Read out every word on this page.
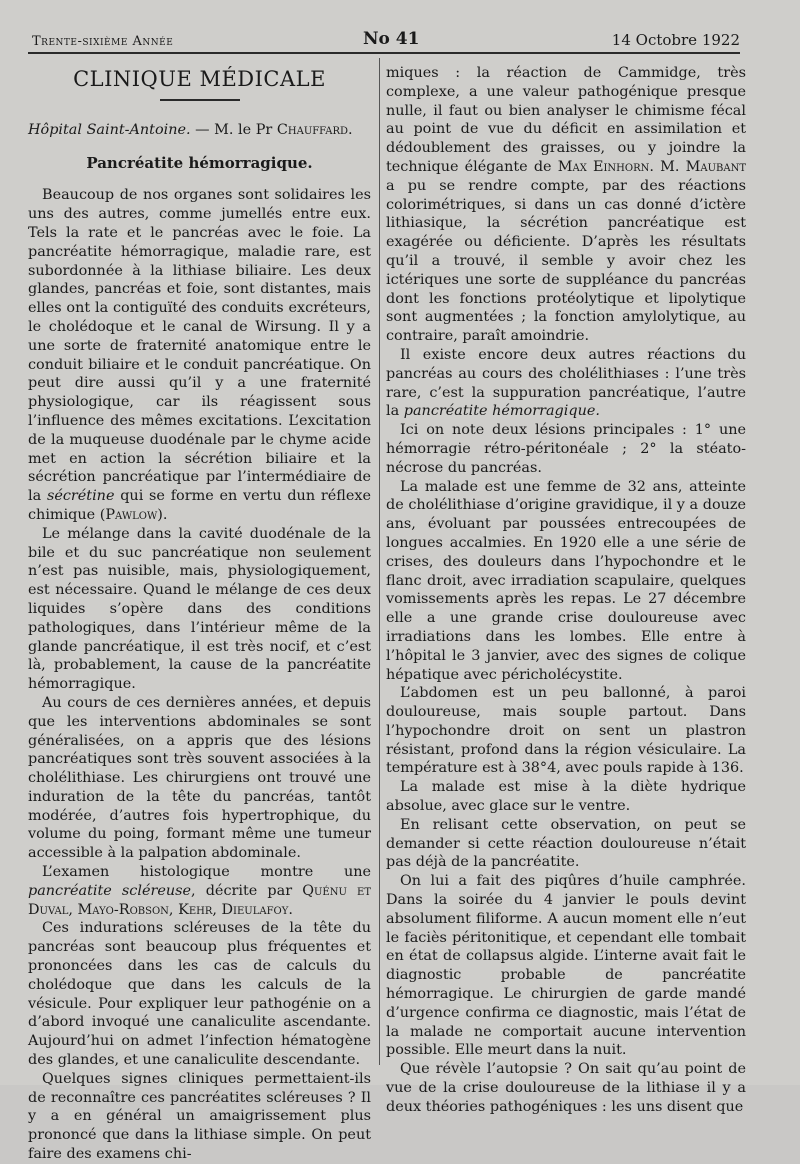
Trente-sixième Année	No 41	14 Octobre 1922
CLINIQUE MÉDICALE

Hôpital Saint-Antoine. — M. le Pr Chauffard.

Pancréatite hémorragique.

Beaucoup de nos organes sont solidaires les uns des autres, comme jumellés entre eux. Tels la rate et le pancréas avec le foie. La pancréatite hémorragique, maladie rare, est subordonnée à la lithiase biliaire. Les deux glandes, pancréas et foie, sont distantes, mais elles ont la contiguïté des conduits excréteurs, le cholédoque et le canal de Wirsung. Il y a une sorte de fraternité anatomique entre le conduit biliaire et le conduit pancréatique. On peut dire aussi qu’il y a une fraternité physiologique, car ils réagissent sous l’influence des mêmes excitations. L’excitation de la muqueuse duodénale par le chyme acide met en action la sécrétion biliaire et la sécrétion pancréatique par l’intermédiaire de la sécrétine qui se forme en vertu dun réflexe chimique (Pawlow).

Le mélange dans la cavité duodénale de la bile et du suc pancréatique non seulement n’est pas nuisible, mais, physiologiquement, est nécessaire. Quand le mélange de ces deux liquides s’opère dans des conditions pathologiques, dans l’intérieur même de la glande pancréatique, il est très nocif, et c’est là, probablement, la cause de la pancréatite hémorragique.

Au cours de ces dernières années, et depuis que les interventions abdominales se sont généralisées, on a appris que des lésions pancréatiques sont très souvent associées à la cholélithiase. Les chirurgiens ont trouvé une induration de la tête du pancréas, tantôt modérée, d’autres fois hypertrophique, du volume du poing, formant même une tumeur accessible à la palpation abdominale.

L’examen histologique montre une pancréatite scléreuse, décrite par Quénu et Duval, Mayo-Robson, Kehr, Dieulafoy.

Ces indurations scléreuses de la tête du pancréas sont beaucoup plus fréquentes et prononcées dans les cas de calculs du cholédoque que dans les calculs de la vésicule. Pour expliquer leur pathogénie on a d’abord invoqué une canaliculite ascendante. Aujourd’hui on admet l’infection hématogène des glandes, et une canaliculite descendante.

Quelques signes cliniques permettaient-ils de reconnaître ces pancréatites scléreuses ? Il y a en général un amaigrissement plus prononcé que dans la lithiase simple. On peut faire des examens chi-

miques : la réaction de Cammidge, très complexe, a une valeur pathogénique presque nulle, il faut ou bien analyser le chimisme fécal au point de vue du déficit en assimilation et dédoublement des graisses, ou y joindre la technique élégante de Max Einhorn. M. Maubant a pu se rendre compte, par des réactions colorimétriques, si dans un cas donné d’ictère lithiasique, la sécrétion pancréatique est exagérée ou déficiente. D’après les résultats qu’il a trouvé, il semble y avoir chez les ictériques une sorte de suppléance du pancréas dont les fonctions protéolytique et lipolytique sont augmentées ; la fonction amylolytique, au contraire, paraît amoindrie.

Il existe encore deux autres réactions du pancréas au cours des cholélithiases : l’une très rare, c’est la suppuration pancréatique, l’autre la pancréatite hémorragique.

Ici on note deux lésions principales : 1° une hémorragie rétro-péritonéale ; 2° la stéato-nécrose du pancréas.

La malade est une femme de 32 ans, atteinte de cholélithiase d’origine gravidique, il y a douze ans, évoluant par poussées entrecoupées de longues accalmies. En 1920 elle a une série de crises, des douleurs dans l’hypochondre et le flanc droit, avec irradiation scapulaire, quelques vomissements après les repas. Le 27 décembre elle a une grande crise douloureuse avec irradiations dans les lombes. Elle entre à l’hôpital le 3 janvier, avec des signes de colique hépatique avec péricholécystite.

L’abdomen est un peu ballonné, à paroi douloureuse, mais souple partout. Dans l’hypochondre droit on sent un plastron résistant, profond dans la région vésiculaire. La température est à 38°4, avec pouls rapide à 136.

La malade est mise à la diète hydrique absolue, avec glace sur le ventre.

En relisant cette observation, on peut se demander si cette réaction douloureuse n’était pas déjà de la pancréatite.

On lui a fait des piqûres d’huile camphrée. Dans la soirée du 4 janvier le pouls devint absolument filiforme. A aucun moment elle n’eut le faciès péritonitique, et cependant elle tombait en état de collapsus algide. L’interne avait fait le diagnostic probable de pancréatite hémorragique. Le chirurgien de garde mandé d’urgence confirma ce diagnostic, mais l’état de la malade ne comportait aucune intervention possible. Elle meurt dans la nuit.

Que révèle l’autopsie ? On sait qu’au point de vue de la crise douloureuse de la lithiase il y a deux théories pathogéniques : les uns disent que
